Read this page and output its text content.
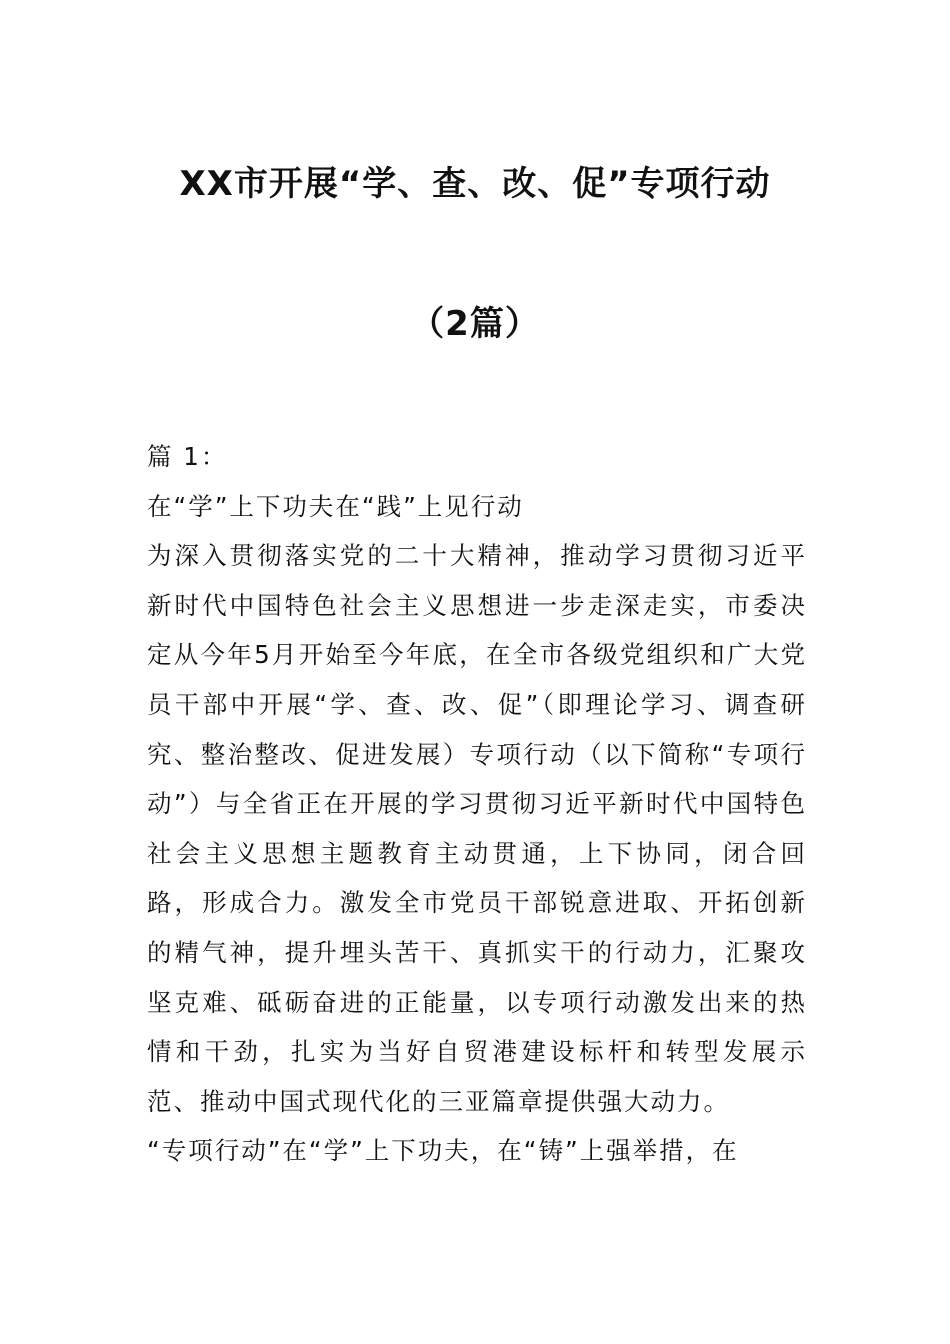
XX市开展“学、查、改、促”专项行动
（2篇）

篇 1：

在“学”上下功夫在“践”上见行动

为深入贯彻落实党的二十大精神，推动学习贯彻习近平新时代中国特色社会主义思想进一步走深走实，市委决定从今年5月开始至今年底，在全市各级党组织和广大党员干部中开展“学、查、改、促”（即理论学习、调查研究、整治整改、促进发展）专项行动（以下简称“专项行动”）与全省正在开展的学习贯彻习近平新时代中国特色社会主义思想主题教育主动贯通，上下协同，闭合回路，形成合力。激发全市党员干部锐意进取、开拓创新的精气神，提升埋头苦干、真抓实干的行动力，汇聚攻坚克难、砥砺奋进的正能量，以专项行动激发出来的热情和干劲，扎实为当好自贸港建设标杆和转型发展示范、推动中国式现代化的三亚篇章提供强大动力。

“专项行动”在“学”上下功夫，在“铸”上强举措，在
